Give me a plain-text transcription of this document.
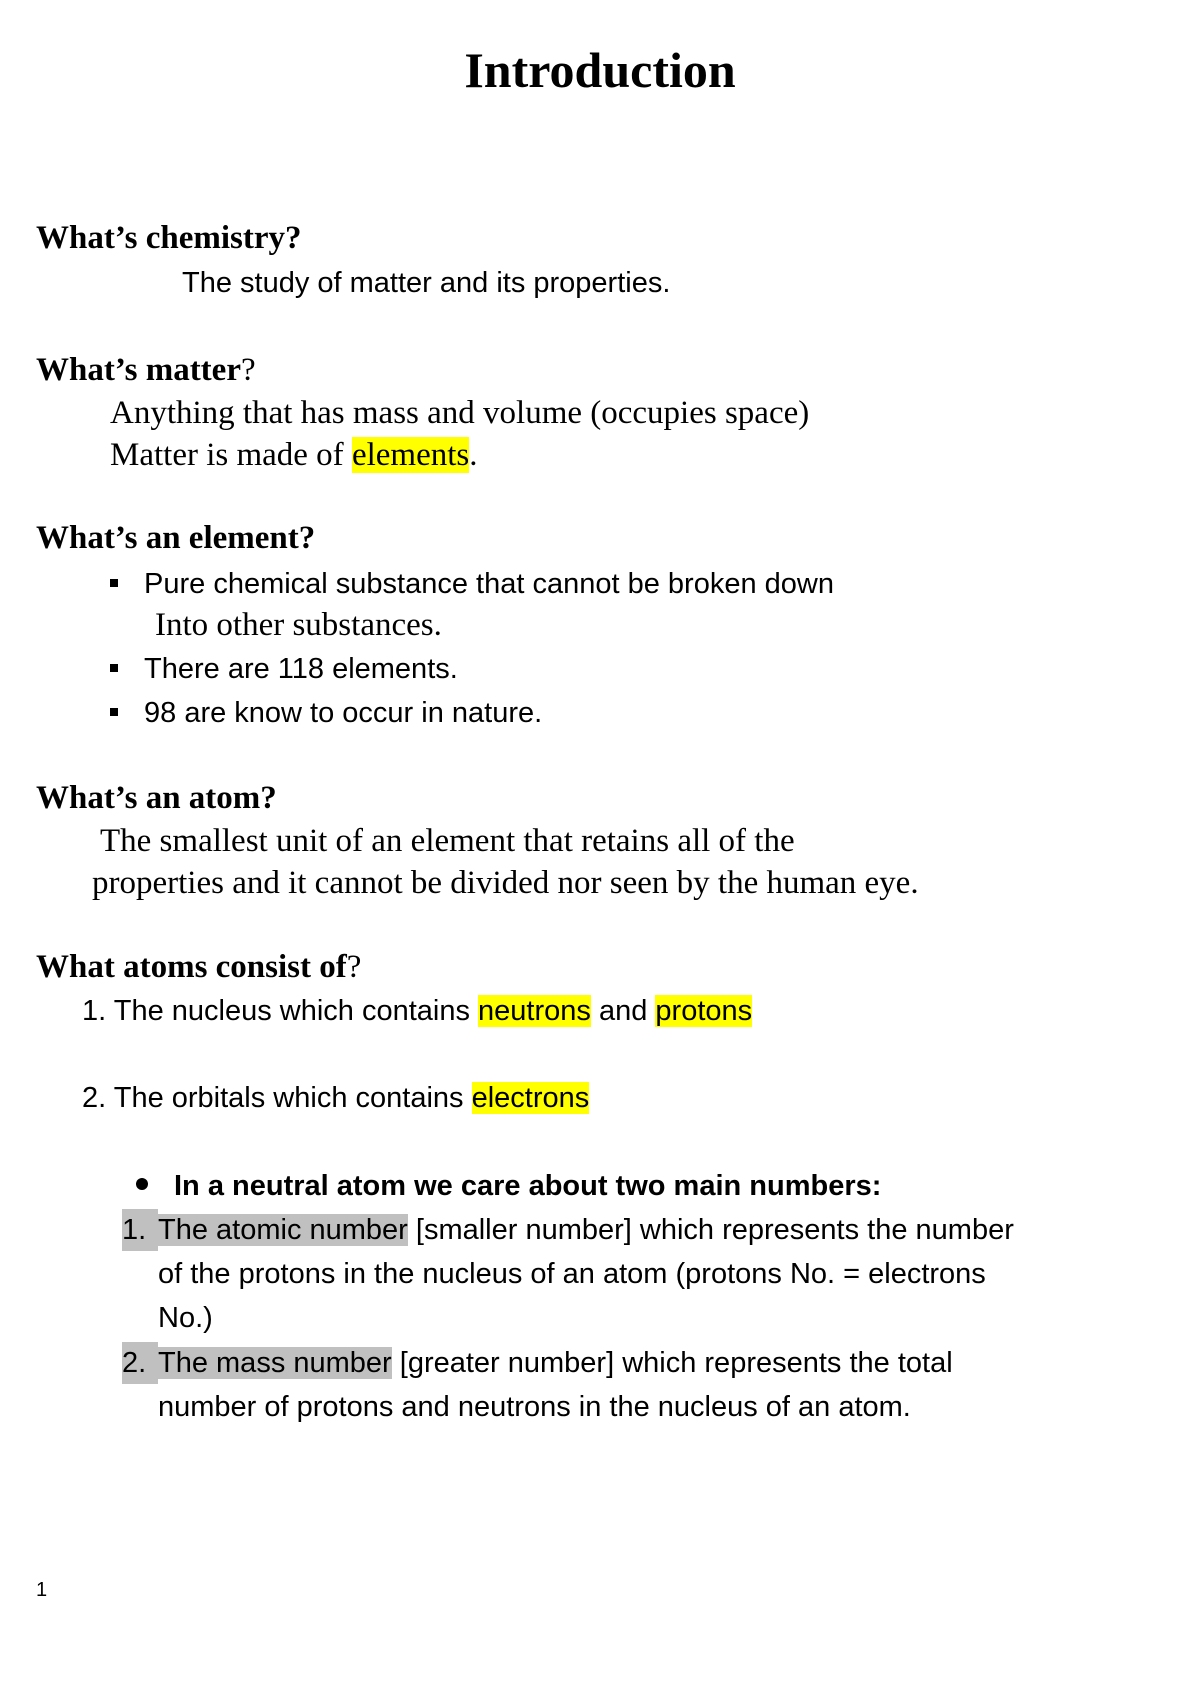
Introduction
What’s chemistry?
The study of matter and its properties.
What’s matter?
Anything that has mass and volume (occupies space)
Matter is made of elements.
What’s an element?
Pure chemical substance that cannot be broken down
Into other substances.
There are 118 elements.
98 are know to occur in nature.
What’s an atom?
The smallest unit of an element that retains all of the
properties and it cannot be divided nor seen by the human eye.
What atoms consist of?
1. The nucleus which contains neutrons and protons
2. The orbitals which contains electrons
In a neutral atom we care about two main numbers:
1. The atomic number [smaller number] which represents the number
of the protons in the nucleus of an atom (protons No. = electrons
No.)
2. The mass number [greater number] which represents the total
number of protons and neutrons in the nucleus of an atom.
1
